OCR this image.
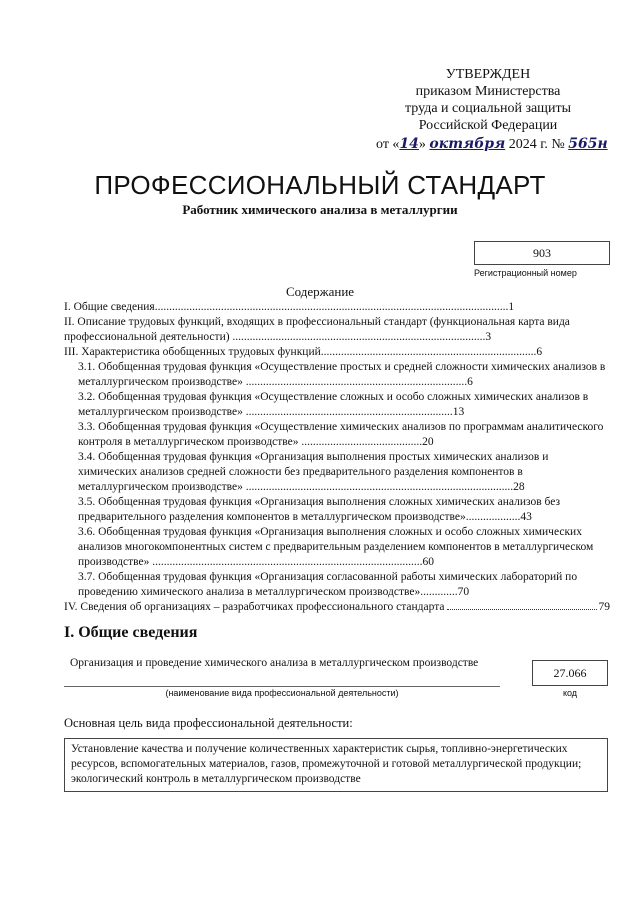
УТВЕРЖДЕН
приказом Министерства
труда и социальной защиты
Российской Федерации
от «14» октября 2024 г. № 565н
ПРОФЕССИОНАЛЬНЫЙ СТАНДАРТ
Работник химического анализа в металлургии
903
Регистрационный номер
Содержание
I. Общие сведения...........................................................................................................................1
II. Описание трудовых функций, входящих в профессиональный стандарт (функциональная карта вида профессиональной деятельности) ........................................................................................3
III. Характеристика обобщенных трудовых функций...........................................................................6
3.1. Обобщенная трудовая функция «Осуществление простых и средней сложности химических анализов в металлургическом производстве» .............................................................................6
3.2. Обобщенная трудовая функция «Осуществление сложных и особо сложных химических анализов в металлургическом производстве» ........................................................................13
3.3. Обобщенная трудовая функция «Осуществление химических анализов по программам аналитического контроля в металлургическом производстве» ..........................................20
3.4. Обобщенная трудовая функция «Организация выполнения простых химических анализов и химических анализов средней сложности без предварительного разделения компонентов в металлургическом производстве» .............................................................................................28
3.5. Обобщенная трудовая функция «Организация выполнения сложных химических анализов без предварительного разделения компонентов в металлургическом производстве»...................43
3.6. Обобщенная трудовая функция «Организация выполнения сложных и особо сложных химических анализов многокомпонентных систем с предварительным разделением компонентов в металлургическом производстве» ..............................................................................................60
3.7. Обобщенная трудовая функция «Организация согласованной работы химических лабораторий по проведению химического анализа в металлургическом производстве».............70
IV. Сведения об организациях – разработчиках профессионального стандарта	79
I. Общие сведения
Организация и проведение химического анализа в металлургическом производстве
(наименование вида профессиональной деятельности)
27.066
код
Основная цель вида профессиональной деятельности:
Установление качества и получение количественных характеристик сырья, топливно-энергетических ресурсов, вспомогательных материалов, газов, промежуточной и готовой металлургической продукции; экологический контроль в металлургическом производстве
